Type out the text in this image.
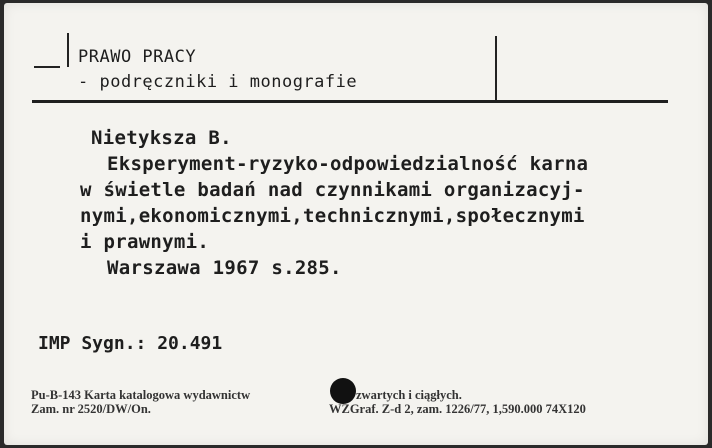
PRAWO PRACY
- podręczniki i monografie
Nietyksza B.
Eksperyment-ryzyko-odpowiedzialność karna
w świetle badań nad czynnikami organizacyj-
nymi,ekonomicznymi,technicznymi,społecznymi
i prawnymi.
Warszawa 1967 s.285.
IMP Sygn.: 20.491
Pu-B-143 Karta katalogowa wydawnictw	zwartych i ciągłych.
Zam. nr 2520/DW/On.	WZGraf. Z-d 2, zam. 1226/77, 1,590.000 74X120
